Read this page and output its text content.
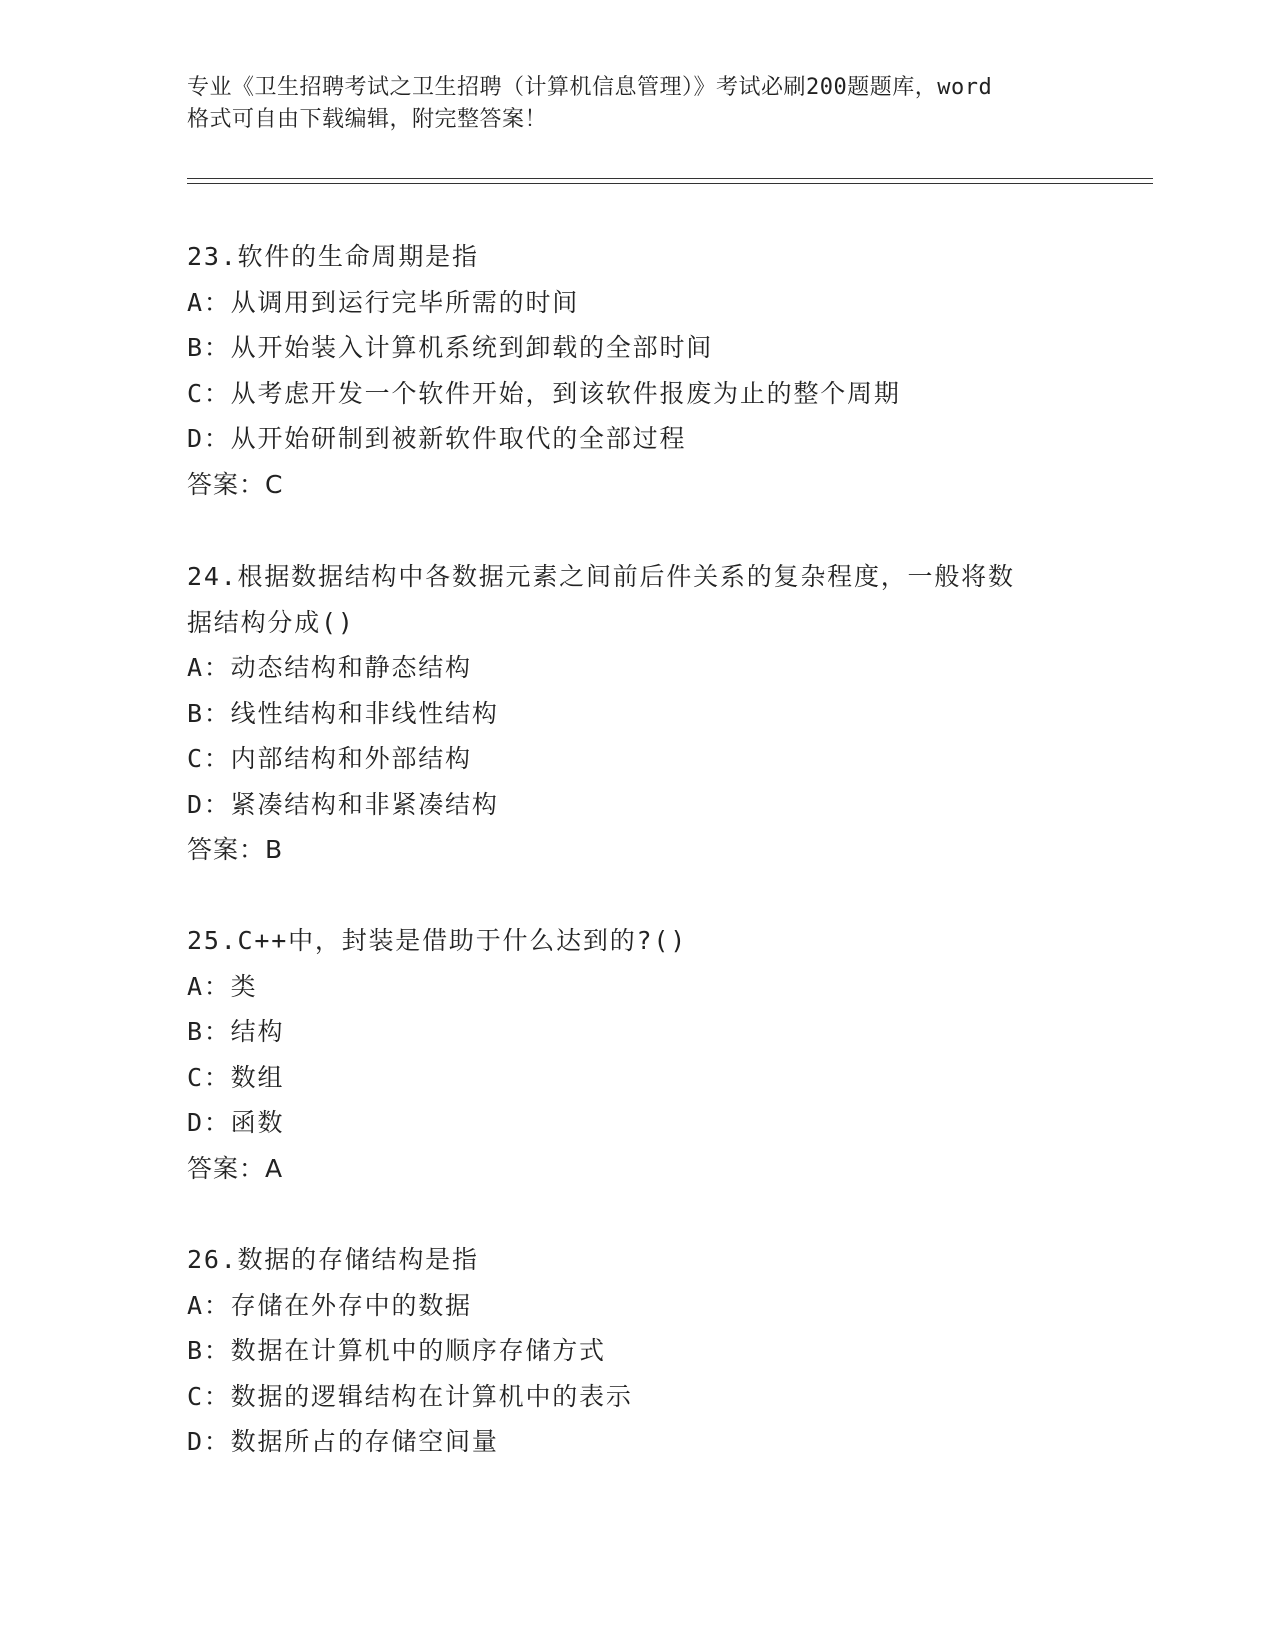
专业《卫生招聘考试之卫生招聘（计算机信息管理）》考试必刷200题题库，word
格式可自由下载编辑，附完整答案！
23.软件的生命周期是指
A：从调用到运行完毕所需的时间
B：从开始装入计算机系统到卸载的全部时间
C：从考虑开发一个软件开始，到该软件报废为止的整个周期
D：从开始研制到被新软件取代的全部过程
答案：C
24.根据数据结构中各数据元素之间前后件关系的复杂程度，一般将数
据结构分成()
A：动态结构和静态结构
B：线性结构和非线性结构
C：内部结构和外部结构
D：紧凑结构和非紧凑结构
答案：B
25.C++中，封装是借助于什么达到的?()
A：类
B：结构
C：数组
D：函数
答案：A
26.数据的存储结构是指
A：存储在外存中的数据
B：数据在计算机中的顺序存储方式
C：数据的逻辑结构在计算机中的表示
D：数据所占的存储空间量
